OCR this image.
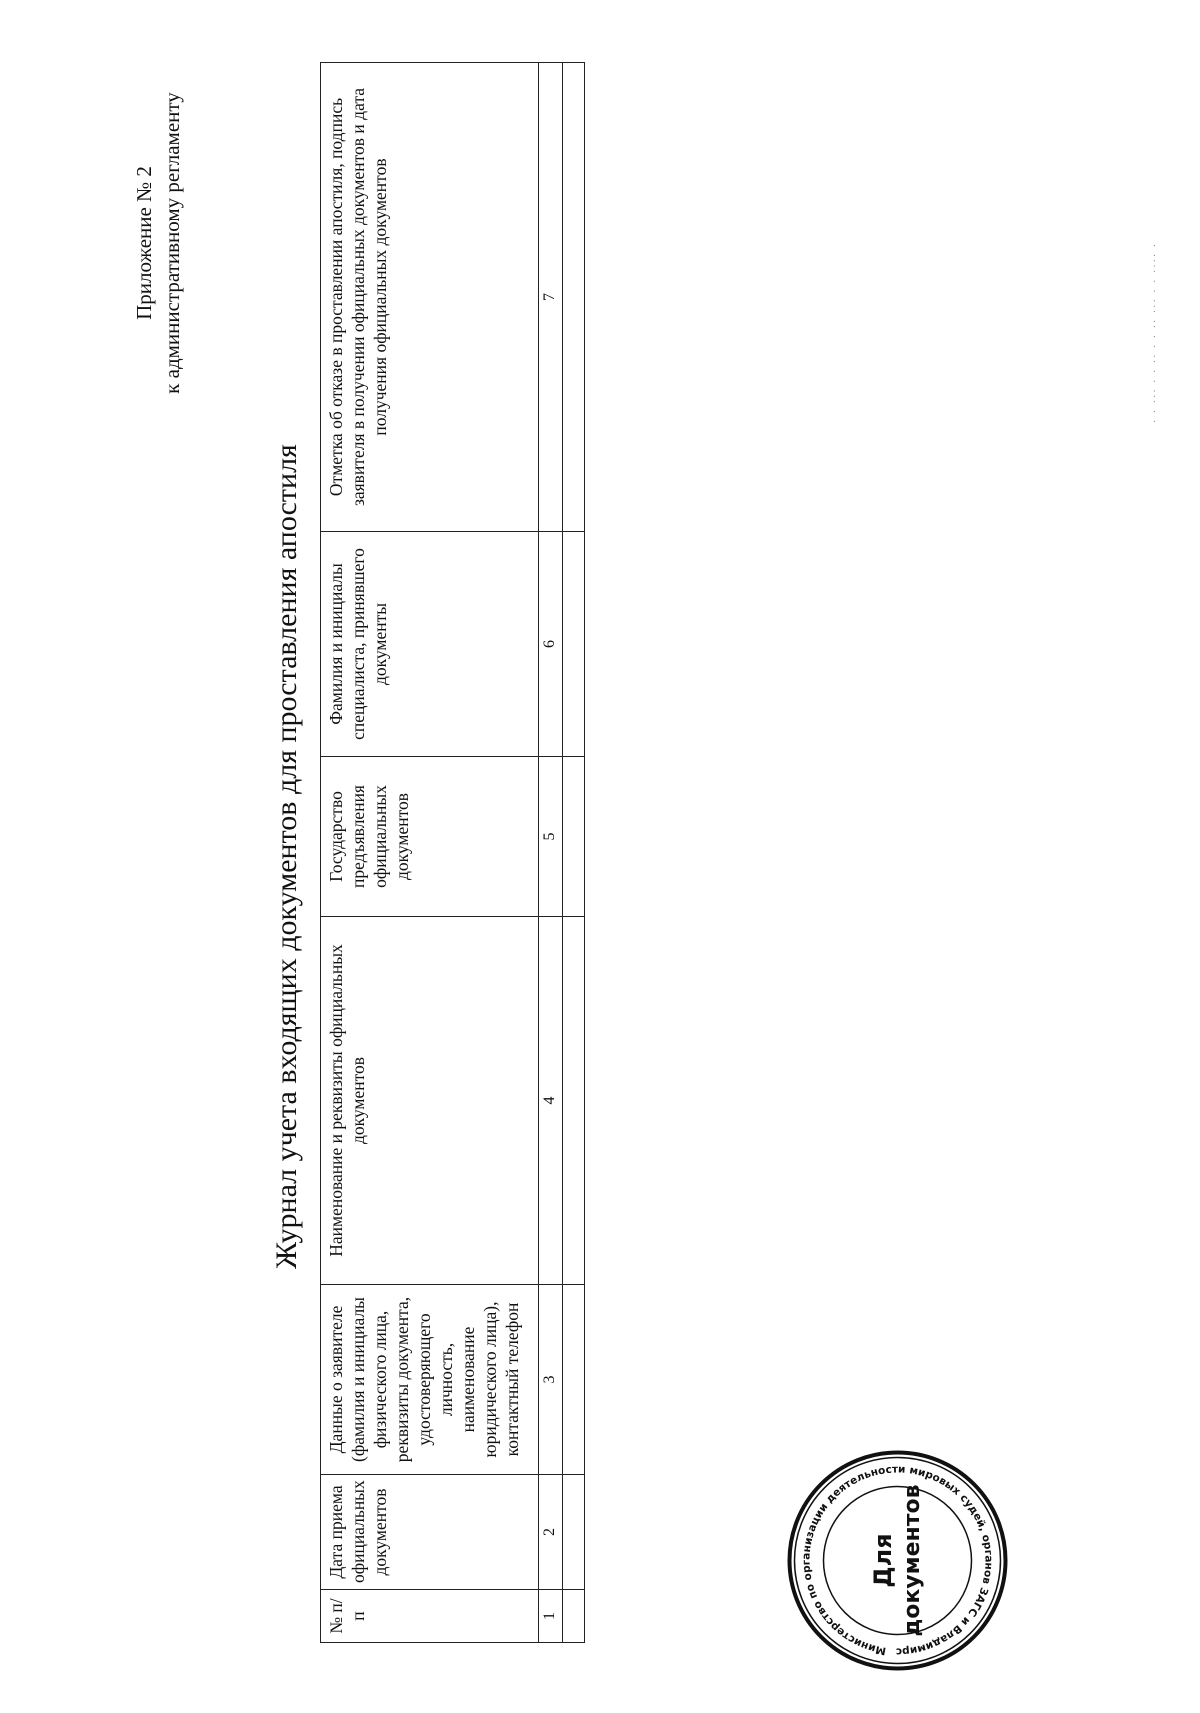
Приложение № 2 к административному регламенту
Журнал учета входящих документов для проставления апостиля
№ п/п	Дата приема официальных документов	Данные о заявителе (фамилия и инициалы физического лица, реквизиты документа, удостоверяющего личность, наименование юридического лица), контактный телефон	Наименование и реквизиты официальных документов	Государство предъявления официальных документов	Фамилия и инициалы специалиста, принявшего документы	Отметка об отказе в проставлении апостиля, подпись заявителя в получении официальных документов и дата получения официальных документов
1	2	3	4	5	6	7

Министерство по организации деятельности мировых судей, органов ЗАГС и Владимирс
Для документов
· · ··· · · ·· · · ·· ··· · · ···· ·
